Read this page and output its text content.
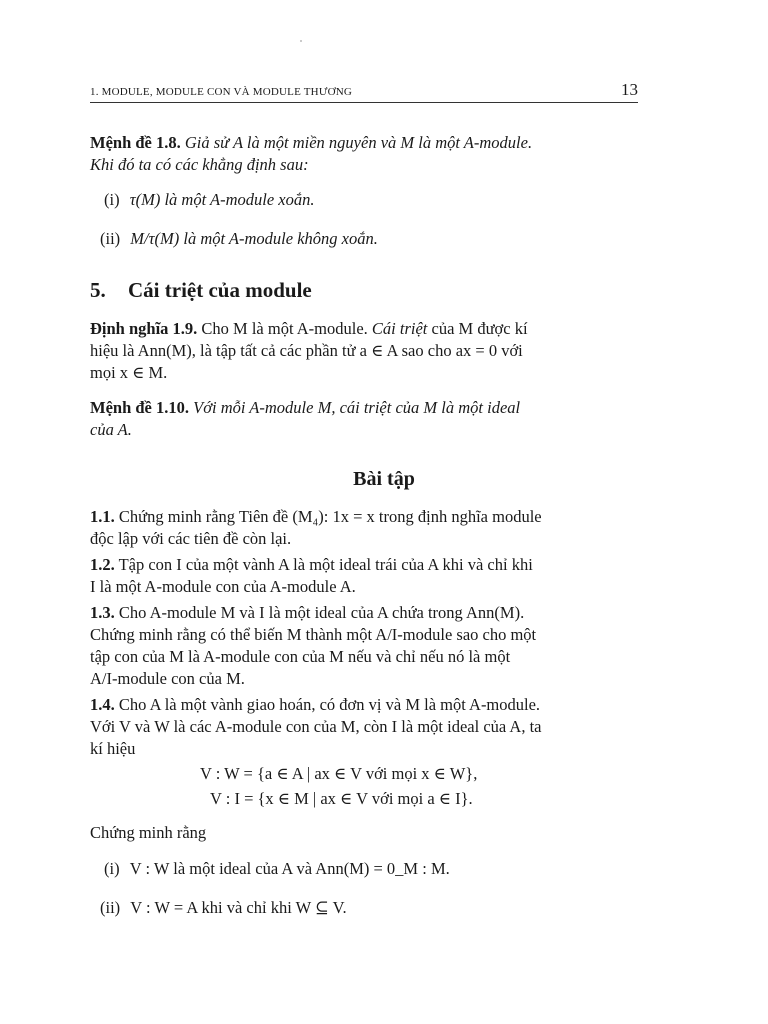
1. MODULE, MODULE CON VÀ MODULE THƯƠNG	13
Mệnh đề 1.8. Giả sử A là một miền nguyên và M là một A-module.
Khi đó ta có các khẳng định sau:
(i) τ(M) là một A-module xoắn.
(ii) M/τ(M) là một A-module không xoắn.
5. Cái triệt của module
Định nghĩa 1.9. Cho M là một A-module. Cái triệt của M được kí
hiệu là Ann(M), là tập tất cả các phần tử a ∈ A sao cho ax = 0 với
mọi x ∈ M.
Mệnh đề 1.10. Với mỗi A-module M, cái triệt của M là một ideal
của A.
Bài tập
1.1. Chứng minh rằng Tiên đề (M₄): 1x = x trong định nghĩa module
độc lập với các tiên đề còn lại.
1.2. Tập con I của một vành A là một ideal trái của A khi và chỉ khi
I là một A-module con của A-module A.
1.3. Cho A-module M và I là một ideal của A chứa trong Ann(M).
Chứng minh rằng có thể biến M thành một A/I-module sao cho một
tập con của M là A-module con của M nếu và chỉ nếu nó là một
A/I-module con của M.
1.4. Cho A là một vành giao hoán, có đơn vị và M là một A-module.
Với V và W là các A-module con của M, còn I là một ideal của A, ta
kí hiệu
V : W = {a ∈ A | ax ∈ V với mọi x ∈ W},
V : I = {x ∈ M | ax ∈ V với mọi a ∈ I}.
Chứng minh rằng
(i) V : W là một ideal của A và Ann(M) = 0_M : M.
(ii) V : W = A khi và chỉ khi W ⊆ V.
